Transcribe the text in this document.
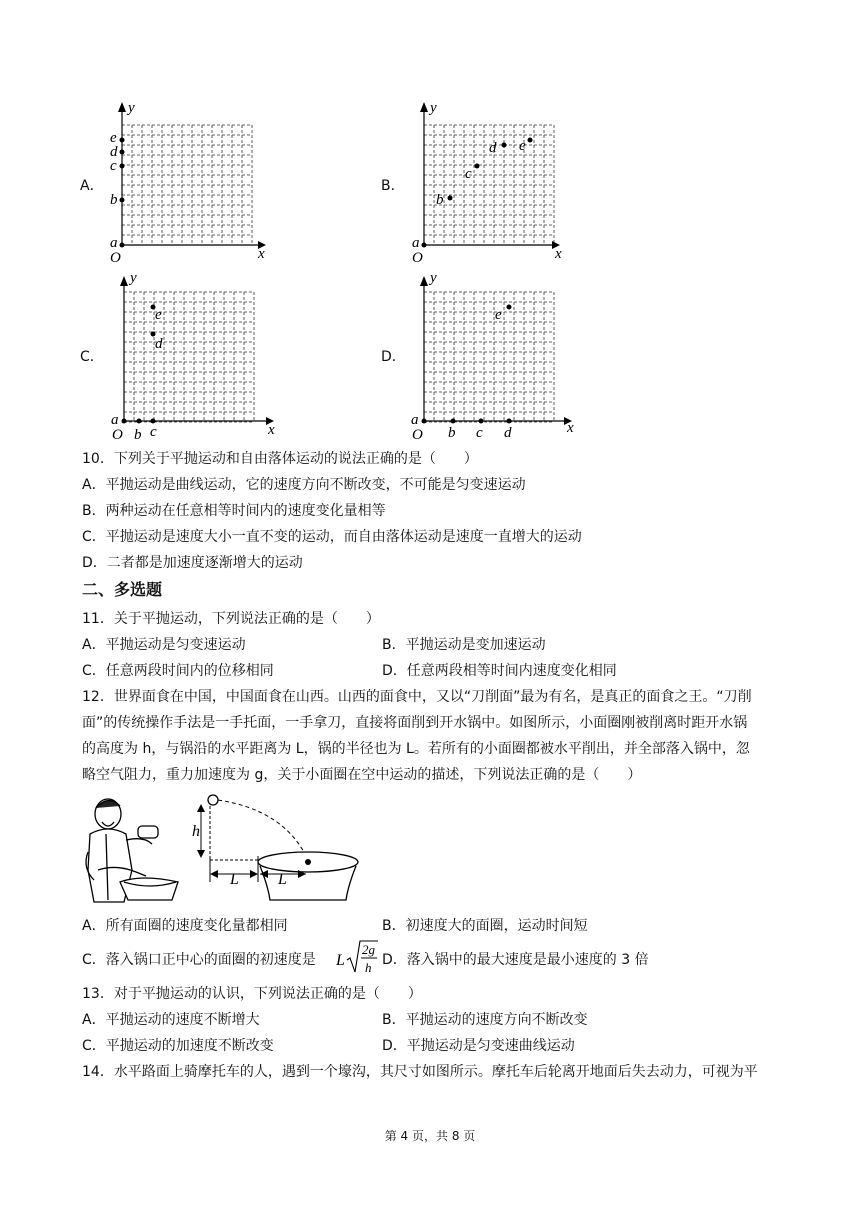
A．	B．
C．	D．
y
x
O
a
e
d
c
b
y
x
O
a
b
c
d e
y
x
O
a
e
d
b c
y
x
O
a
e
b c d
10．下列关于平抛运动和自由落体运动的说法正确的是（　　）
A．平抛运动是曲线运动，它的速度方向不断改变，不可能是匀变速运动
B．两种运动在任意相等时间内的速度变化量相等
C．平抛运动是速度大小一直不变的运动，而自由落体运动是速度一直增大的运动
D．二者都是加速度逐渐增大的运动
二、多选题
11．关于平抛运动，下列说法正确的是（　　）
A．平抛运动是匀变速运动	B．平抛运动是变加速运动
C．任意两段时间内的位移相同	D．任意两段相等时间内速度变化相同
12．世界面食在中国，中国面食在山西。山西的面食中，又以“刀削面”最为有名，是真正的面食之王。“刀削
面”的传统操作手法是一手托面，一手拿刀，直接将面削到开水锅中。如图所示，小面圈刚被削离时距开水锅
的高度为 h，与锅沿的水平距离为 L，锅的半径也为 L。若所有的小面圈都被水平削出，并全部落入锅中，忽
略空气阻力，重力加速度为 g，关于小面圈在空中运动的描述，下列说法正确的是（　　）
h
L L
A．所有面圈的速度变化量都相同	B．初速度大的面圈，运动时间短
C．落入锅口正中心的面圈的初速度是 L
2g
h D．落入锅中的最大速度是最小速度的 3 倍
13．对于平抛运动的认识，下列说法正确的是（　　）
A．平抛运动的速度不断增大	B．平抛运动的速度方向不断改变
C．平抛运动的加速度不断改变	D．平抛运动是匀变速曲线运动
14．水平路面上骑摩托车的人，遇到一个壕沟，其尺寸如图所示。摩托车后轮离开地面后失去动力，可视为平
第 4 页，共 8 页
